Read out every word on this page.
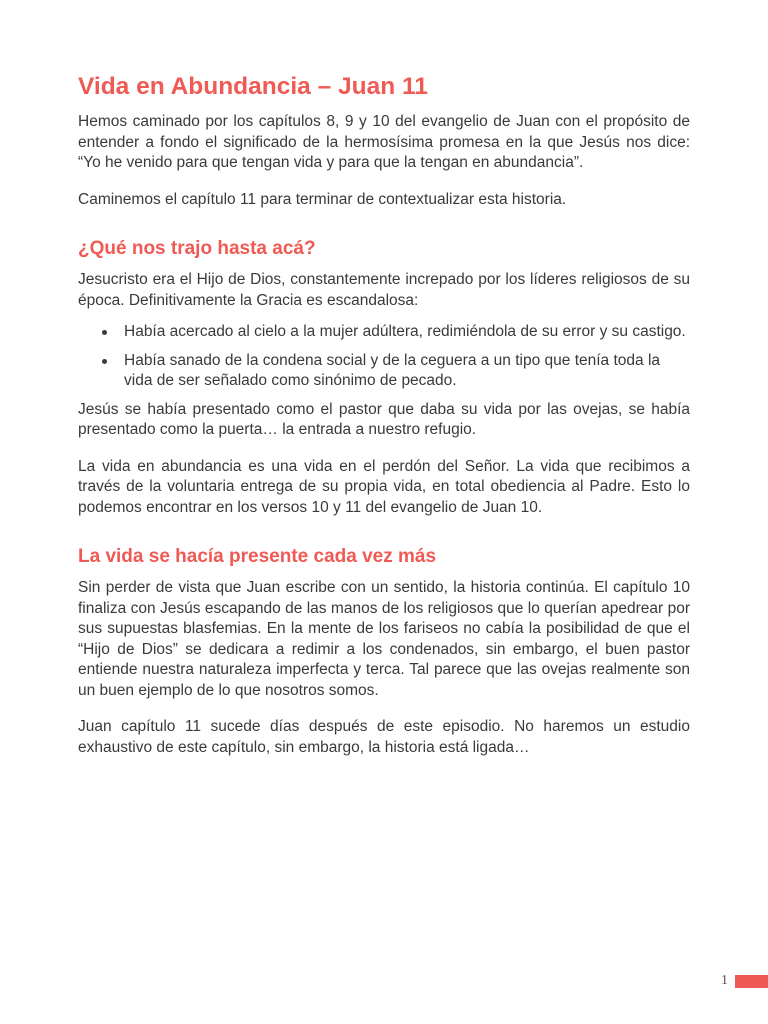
Vida en Abundancia – Juan 11

Hemos caminado por los capítulos 8, 9 y 10 del evangelio de Juan con el propósito de entender a fondo el significado de la hermosísima promesa en la que Jesús nos dice: “Yo he venido para que tengan vida y para que la tengan en abundancia”.

Caminemos el capítulo 11 para terminar de contextualizar esta historia.

¿Qué nos trajo hasta acá?

Jesucristo era el Hijo de Dios, constantemente increpado por los líderes religiosos de su época. Definitivamente la Gracia es escandalosa:

Había acercado al cielo a la mujer adúltera, redimiéndola de su error y su castigo.
Había sanado de la condena social y de la ceguera a un tipo que tenía toda la vida de ser señalado como sinónimo de pecado.

Jesús se había presentado como el pastor que daba su vida por las ovejas, se había presentado como la puerta… la entrada a nuestro refugio.

La vida en abundancia es una vida en el perdón del Señor. La vida que recibimos a través de la voluntaria entrega de su propia vida, en total obediencia al Padre. Esto lo podemos encontrar en los versos 10 y 11 del evangelio de Juan 10.

La vida se hacía presente cada vez más

Sin perder de vista que Juan escribe con un sentido, la historia continúa. El capítulo 10 finaliza con Jesús escapando de las manos de los religiosos que lo querían apedrear por sus supuestas blasfemias. En la mente de los fariseos no cabía la posibilidad de que el “Hijo de Dios” se dedicara a redimir a los condenados, sin embargo, el buen pastor entiende nuestra naturaleza imperfecta y terca. Tal parece que las ovejas realmente son un buen ejemplo de lo que nosotros somos.

Juan capítulo 11 sucede días después de este episodio. No haremos un estudio exhaustivo de este capítulo, sin embargo, la historia está ligada…

1
